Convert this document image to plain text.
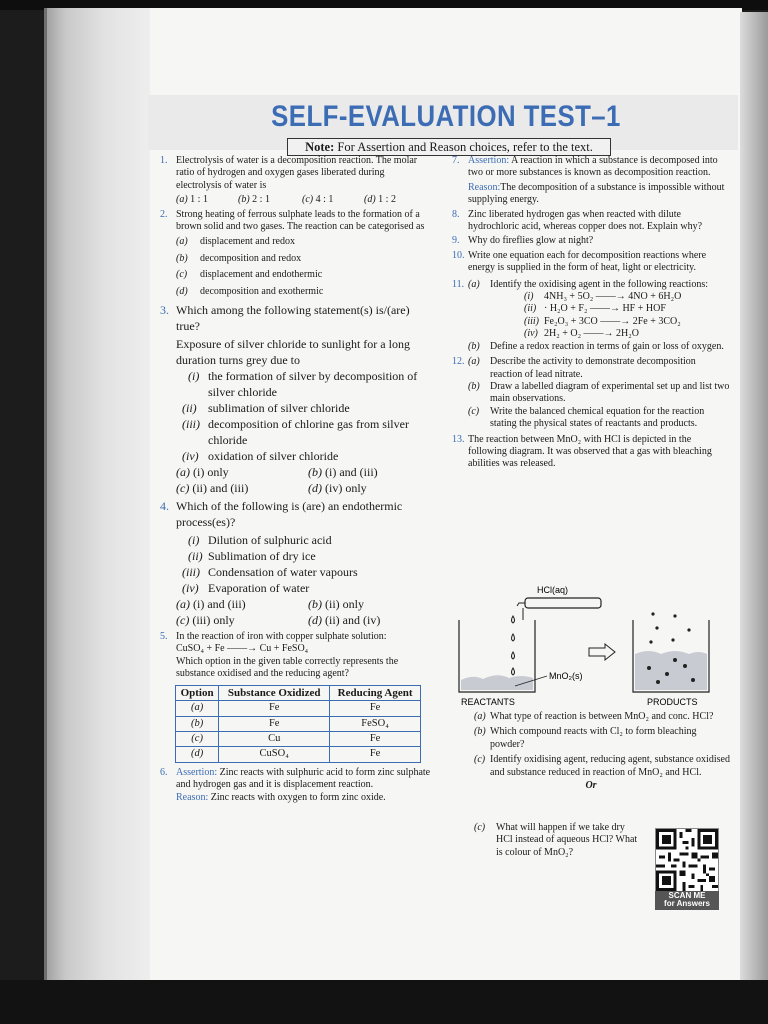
SELF-EVALUATION TEST–1
Note: For Assertion and Reason choices, refer to the text.
1. Electrolysis of water is a decomposition reaction. The molar ratio of hydrogen and oxygen gases liberated during electrolysis of water is
(a) 1 : 1	(b) 2 : 1	(c) 4 : 1	(d) 1 : 2
2. Strong heating of ferrous sulphate leads to the formation of a brown solid and two gases. The reaction can be categorised as
(a) displacement and redox
(b) decomposition and redox
(c) displacement and endothermic
(d) decomposition and exothermic
3. Which among the following statement(s) is/(are) true?
Exposure of silver chloride to sunlight for a long duration turns grey due to
(i) the formation of silver by decomposition of silver chloride
(ii) sublimation of silver chloride
(iii) decomposition of chlorine gas from silver chloride
(iv) oxidation of silver chloride
(a) (i) only	(b) (i) and (iii)
(c) (ii) and (iii)	(d) (iv) only
4. Which of the following is (are) an endothermic process(es)?
(i) Dilution of sulphuric acid
(ii) Sublimation of dry ice
(iii) Condensation of water vapours
(iv) Evaporation of water
(a) (i) and (iii)	(b) (ii) only
(c) (iii) only	(d) (ii) and (iv)
5. In the reaction of iron with copper sulphate solution:
CuSO₄ + Fe ——→ Cu + FeSO₄
Which option in the given table correctly represents the substance oxidised and the reducing agent?
Option	Substance Oxidized	Reducing Agent
(a)	Fe	Fe
(b)	Fe	FeSO₄
(c)	Cu	Fe
(d)	CuSO₄	Fe
6. Assertion: Zinc reacts with sulphuric acid to form zinc sulphate and hydrogen gas and it is displacement reaction.
Reason: Zinc reacts with oxygen to form zinc oxide.
7. Assertion: A reaction in which a substance is decomposed into two or more substances is known as decomposition reaction.
Reason:The decomposition of a substance is impossible without supplying energy.
8. Zinc liberated hydrogen gas when reacted with dilute hydrochloric acid, whereas copper does not. Explain why?
9. Why do fireflies glow at night?
10. Write one equation each for decomposition reactions where energy is supplied in the form of heat, light or electricity.
11. (a) Identify the oxidising agent in the following reactions:
(i) 4NH₃ + 5O₂ ——→ 4NO + 6H₂O
(ii) · H₂O + F₂ ——→ HF + HOF
(iii) Fe₂O₃ + 3CO ——→ 2Fe + 3CO₂
(iv) 2H₂ + O₂ ——→ 2H₂O
(b) Define a redox reaction in terms of gain or loss of oxygen.
12. (a) Describe the activity to demonstrate decomposition reaction of lead nitrate.
(b) Draw a labelled diagram of experimental set up and list two main observations.
(c) Write the balanced chemical equation for the reaction stating the physical states of reactants and products.
13. The reaction between MnO₂ with HCl is depicted in the following diagram. It was observed that a gas with bleaching abilities was released.
HCl(aq)
MnO₂(s)
REACTANTS	PRODUCTS
(a) What type of reaction is between MnO₂ and conc. HCl?
(b) Which compound reacts with Cl₂ to form bleaching powder?
(c) Identify oxidising agent, reducing agent, substance oxidised and substance reduced in reaction of MnO₂ and HCl.
Or
(c) What will happen if we take dry HCl instead of aqueous HCl? What is colour of MnO₂?
SCAN ME
for Answers
